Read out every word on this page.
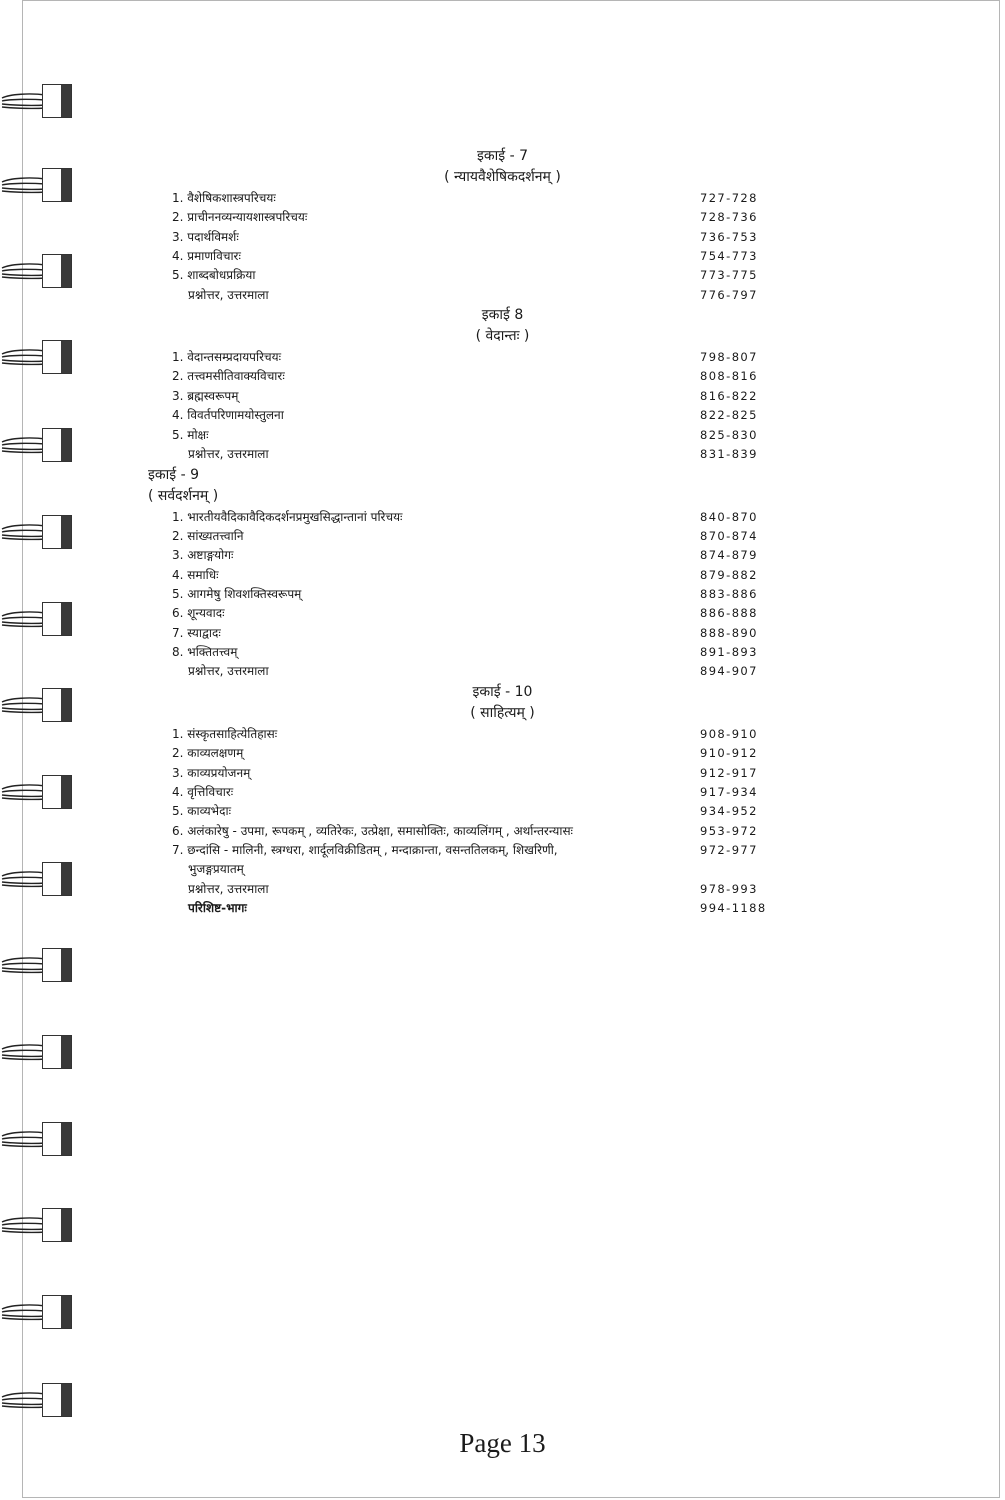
इकाई - 7
( न्यायवैशेषिकदर्शनम् )
1. वैशेषिकशास्त्रपरिचयः	727-728
2. प्राचीननव्यन्यायशास्त्रपरिचयः	728-736
3. पदार्थविमर्शः	736-753
4. प्रमाणविचारः	754-773
5. शाब्दबोधप्रक्रिया	773-775
प्रश्नोत्तर, उत्तरमाला	776-797
इकाई 8
( वेदान्तः )
1. वेदान्तसम्प्रदायपरिचयः	798-807
2. तत्त्वमसीतिवाक्यविचारः	808-816
3. ब्रह्मस्वरूपम्	816-822
4. विवर्तपरिणामयोस्तुलना	822-825
5. मोक्षः	825-830
प्रश्नोत्तर, उत्तरमाला	831-839
इकाई - 9
( सर्वदर्शनम् )
1. भारतीयवैदिकावैदिकदर्शनप्रमुखसिद्धान्तानां परिचयः	840-870
2. सांख्यतत्त्वानि	870-874
3. अष्टाङ्गयोगः	874-879
4. समाधिः	879-882
5. आगमेषु शिवशक्तिस्वरूपम्	883-886
6. शून्यवादः	886-888
7. स्याद्वादः	888-890
8. भक्तितत्त्वम्	891-893
प्रश्नोत्तर, उत्तरमाला	894-907
इकाई - 10
( साहित्यम् )
1. संस्कृतसाहित्येतिहासः	908-910
2. काव्यलक्षणम्	910-912
3. काव्यप्रयोजनम्	912-917
4. वृत्तिविचारः	917-934
5. काव्यभेदाः	934-952
6. अलंकारेषु - उपमा, रूपकम् , व्यतिरेकः, उत्प्रेक्षा, समासोक्तिः, काव्यलिंगम् , अर्थान्तरन्यासः	953-972
7. छन्दांसि - मालिनी, स्त्रग्धरा, शार्दूलविक्रीडितम् , मन्दाक्रान्ता, वसन्ततिलकम्, शिखरिणी,	972-977
भुजङ्गप्रयातम्
प्रश्नोत्तर, उत्तरमाला	978-993
परिशिष्ट-भागः	994-1188
Page 13
